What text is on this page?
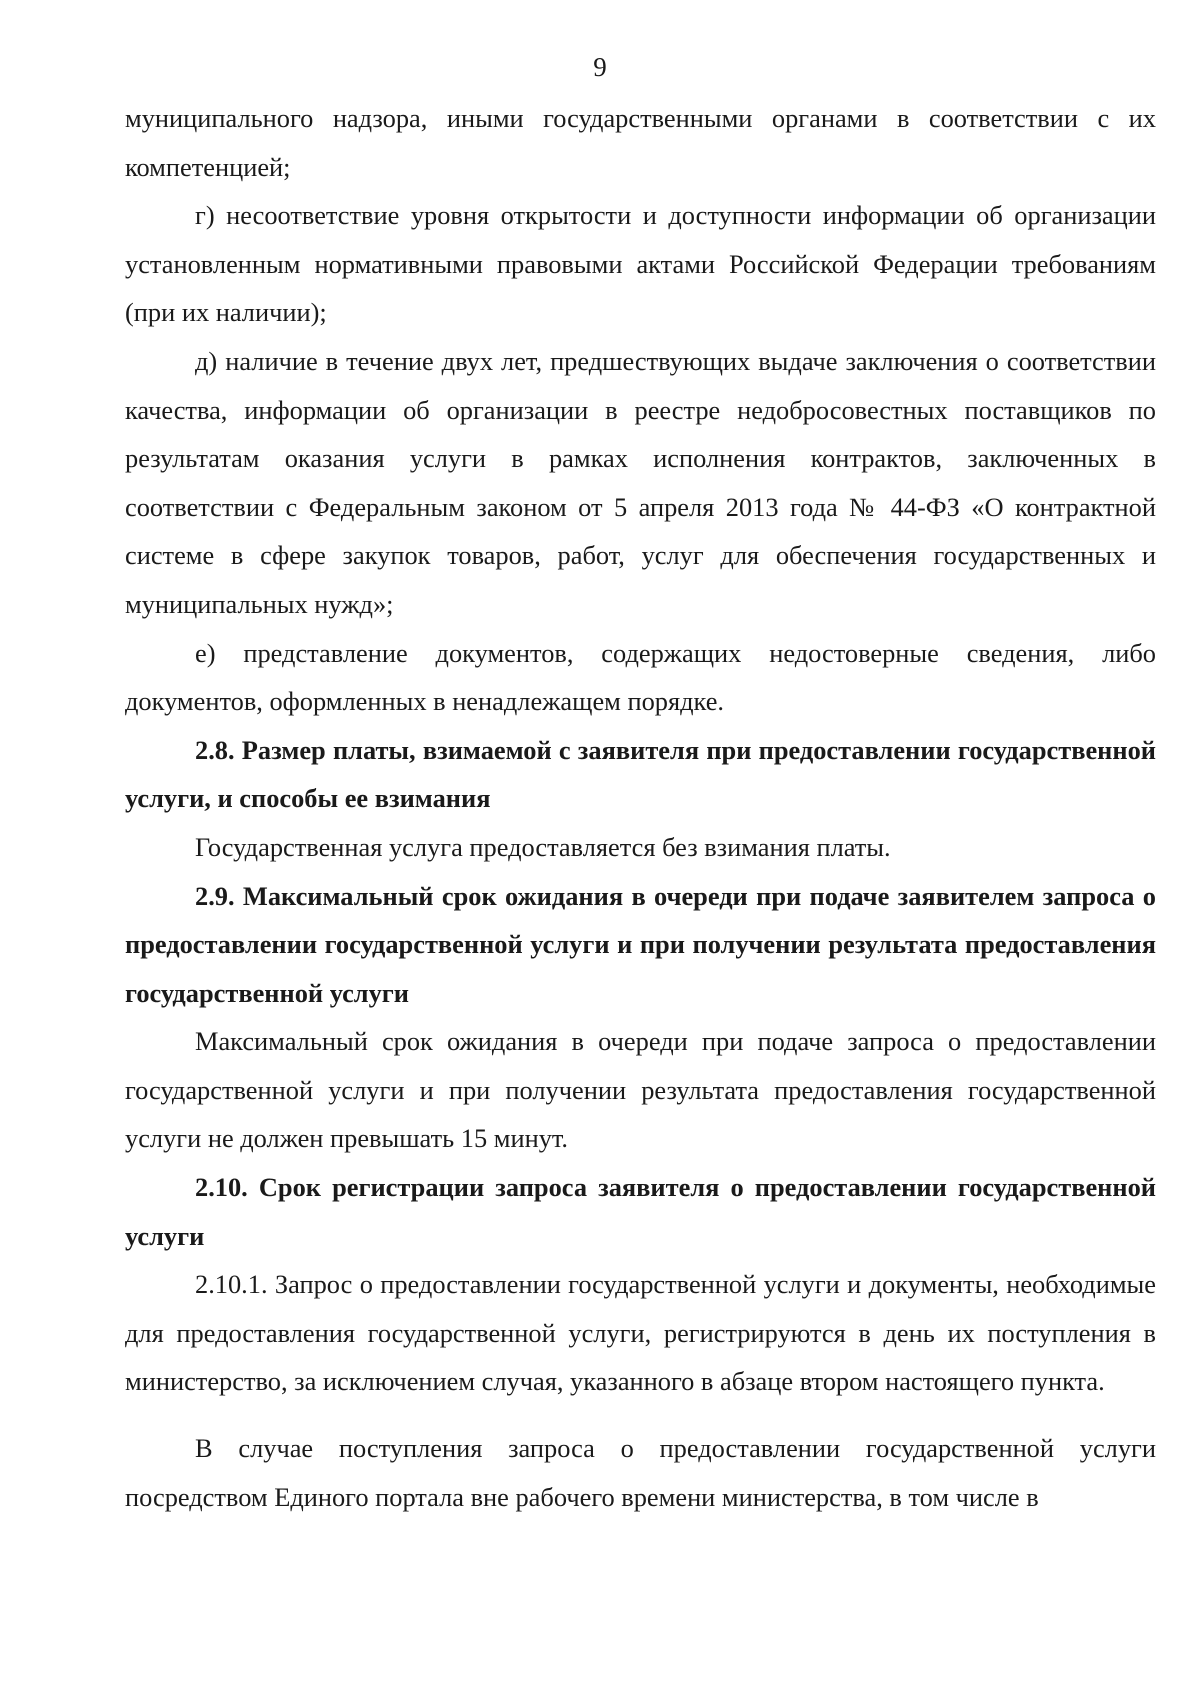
9

муниципального надзора, иными государственными органами в соответствии с их компетенцией;

г) несоответствие уровня открытости и доступности информации об организации установленным нормативными правовыми актами Российской Федерации требованиям (при их наличии);

д) наличие в течение двух лет, предшествующих выдаче заключения о соответствии качества, информации об организации в реестре недобросовестных поставщиков по результатам оказания услуги в рамках исполнения контрактов, заключенных в соответствии с Федеральным законом от 5 апреля 2013 года № 44-ФЗ «О контрактной системе в сфере закупок товаров, работ, услуг для обеспечения государственных и муниципальных нужд»;

е) представление документов, содержащих недостоверные сведения, либо документов, оформленных в ненадлежащем порядке.

2.8. Размер платы, взимаемой с заявителя при предоставлении государственной услуги, и способы ее взимания

Государственная услуга предоставляется без взимания платы.

2.9. Максимальный срок ожидания в очереди при подаче заявителем запроса о предоставлении государственной услуги и при получении результата предоставления государственной услуги

Максимальный срок ожидания в очереди при подаче запроса о предоставлении государственной услуги и при получении результата предоставления государственной услуги не должен превышать 15 минут.

2.10. Срок регистрации запроса заявителя о предоставлении государственной услуги

2.10.1. Запрос о предоставлении государственной услуги и документы, необходимые для предоставления государственной услуги, регистрируются в день их поступления в министерство, за исключением случая, указанного в абзаце втором настоящего пункта.

В случае поступления запроса о предоставлении государственной услуги посредством Единого портала вне рабочего времени министерства, в том числе в
